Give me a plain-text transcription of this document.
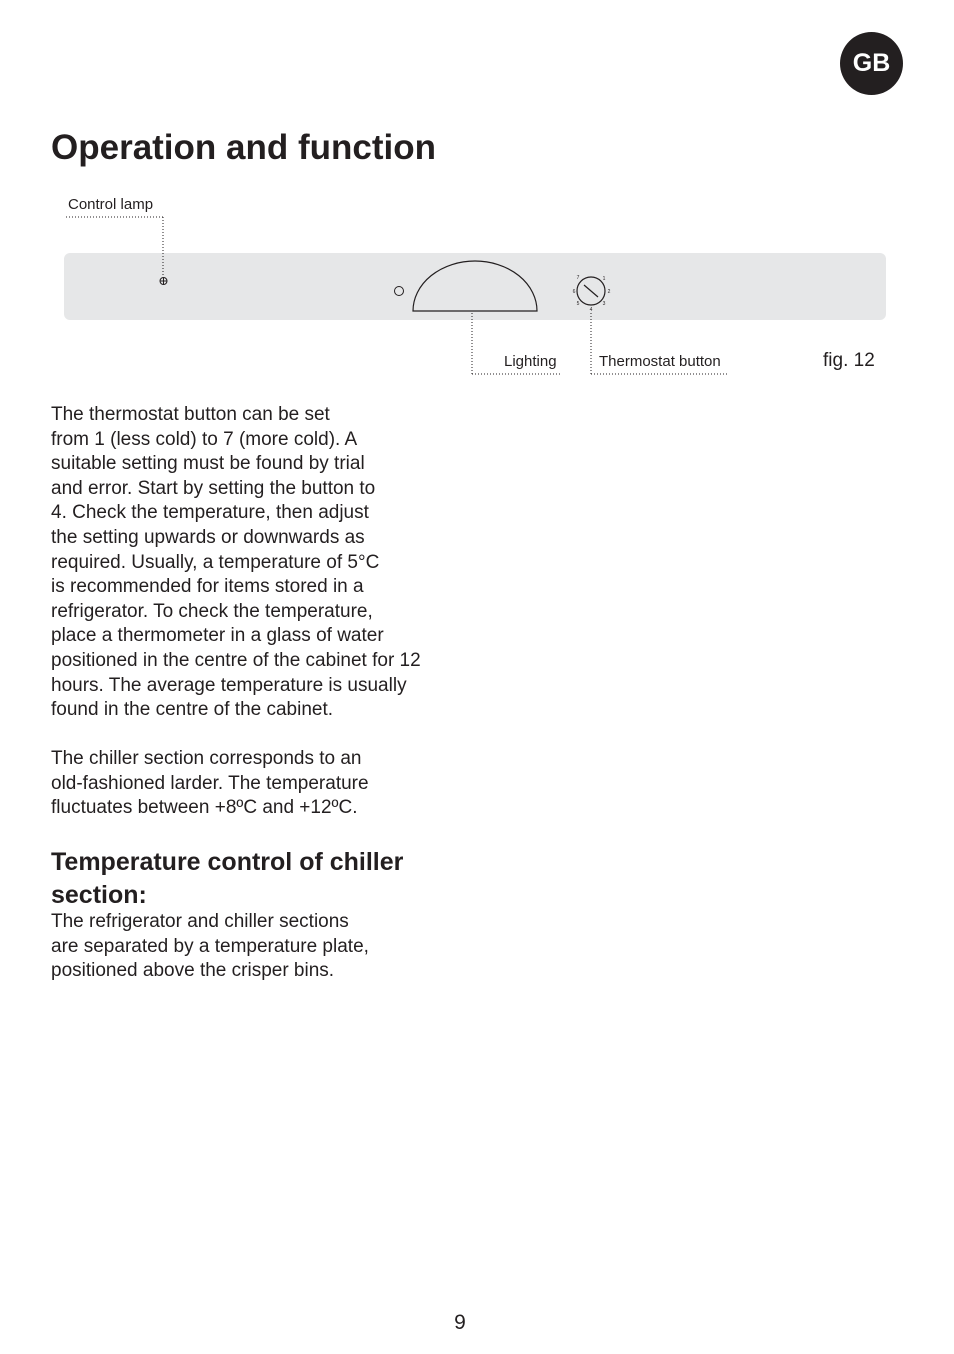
GB
Operation and function
7	1
6	2
5	3
4
Control lamp
Lighting	Thermostat button	fig. 12

The thermostat button can be set
from 1 (less cold) to 7 (more cold). A
suitable setting must be found by trial
and error. Start by setting the button to
4. Check the temperature, then adjust
the setting upwards or downwards as
required. Usually, a temperature of 5°C
is recommended for items stored in a
refrigerator. To check the temperature,
place a thermometer in a glass of water
positioned in the centre of the cabinet for 12
hours. The average temperature is usually
found in the centre of the cabinet.

The chiller section corresponds to an
old-fashioned larder. The temperature
fluctuates between +8ºC and +12ºC.

Temperature control of chiller
section:

The refrigerator and chiller sections
are separated by a temperature plate,
positioned above the crisper bins.

9
